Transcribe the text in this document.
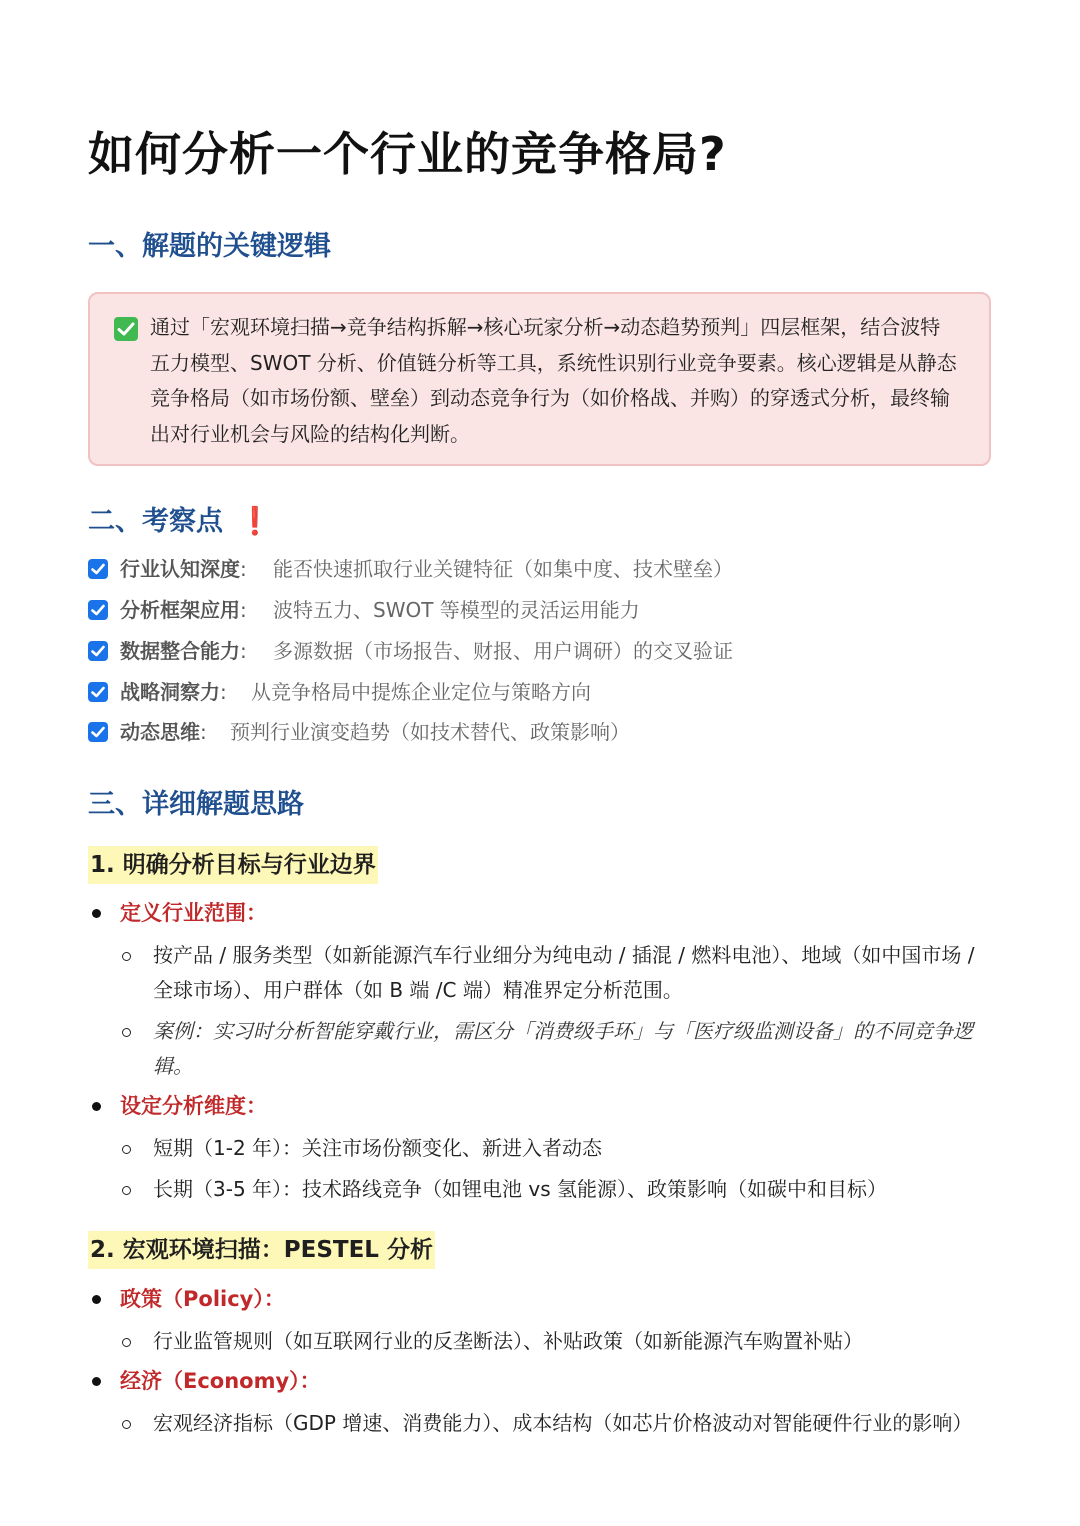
如何分析一个行业的竞争格局?
一、解题的关键逻辑
通过「宏观环境扫描→竞争结构拆解→核心玩家分析→动态趋势预判」四层框架，结合波特五力模型、SWOT 分析、价值链分析等工具，系统性识别行业竞争要素。核心逻辑是从静态竞争格局（如市场份额、壁垒）到动态竞争行为（如价格战、并购）的穿透式分析，最终输出对行业机会与风险的结构化判断。
二、考察点 ❗
行业认知深度 :	能否快速抓取行业关键特征（如集中度、技术壁垒）
分析框架应用 :	波特五力、SWOT 等模型的灵活运用能力
数据整合能力 :	多源数据（市场报告、财报、用户调研）的交叉验证
战略洞察力 :	从竞争格局中提炼企业定位与策略方向
动态思维 :	预判行业演变趋势（如技术替代、政策影响）
三、详细解题思路
1. 明确分析目标与行业边界
定义行业范围：
按产品 / 服务类型（如新能源汽车行业细分为纯电动 / 插混 / 燃料电池）、地域（如中国市场 / 全球市场）、用户群体（如 B 端 /C 端）精准界定分析范围。
案例：实习时分析智能穿戴行业，需区分「消费级手环」与「医疗级监测设备」的不同竞争逻辑。
设定分析维度：
短期（1-2 年）：关注市场份额变化、新进入者动态
长期（3-5 年）：技术路线竞争（如锂电池 vs 氢能源）、政策影响（如碳中和目标）
2. 宏观环境扫描：PESTEL 分析
政策（Policy）：
行业监管规则（如互联网行业的反垄断法）、补贴政策（如新能源汽车购置补贴）
经济（Economy）：
宏观经济指标（GDP 增速、消费能力）、成本结构（如芯片价格波动对智能硬件行业的影响）
